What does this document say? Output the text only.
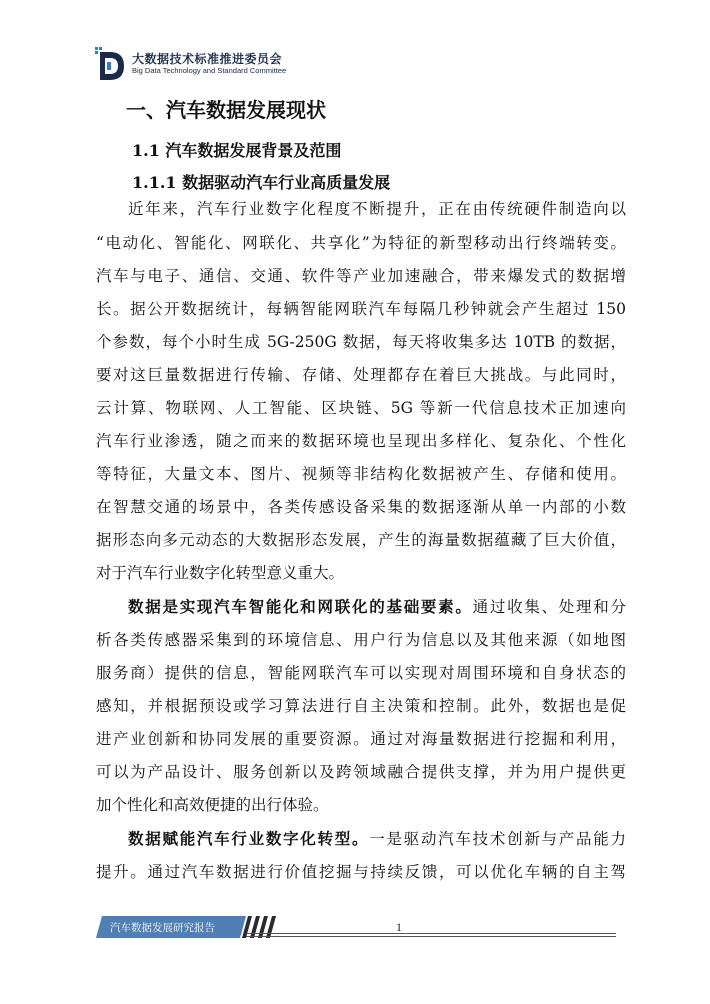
大数据技术标准推进委员会
Big Data Technology and Standard Committee
一、汽车数据发展现状
1.1 汽车数据发展背景及范围
1.1.1 数据驱动汽车行业高质量发展
近年来，汽车行业数字化程度不断提升，正在由传统硬件制造向以
“电动化、智能化、网联化、共享化”为特征的新型移动出行终端转变。
汽车与电子、通信、交通、软件等产业加速融合，带来爆发式的数据增
长。据公开数据统计，每辆智能网联汽车每隔几秒钟就会产生超过 150
个参数，每个小时生成 5G-250G 数据，每天将收集多达 10TB 的数据，
要对这巨量数据进行传输、存储、处理都存在着巨大挑战。与此同时，
云计算、物联网、人工智能、区块链、5G 等新一代信息技术正加速向
汽车行业渗透，随之而来的数据环境也呈现出多样化、复杂化、个性化
等特征，大量文本、图片、视频等非结构化数据被产生、存储和使用。
在智慧交通的场景中，各类传感设备采集的数据逐渐从单一内部的小数
据形态向多元动态的大数据形态发展，产生的海量数据蕴藏了巨大价值，
对于汽车行业数字化转型意义重大。
数据是实现汽车智能化和网联化的基础要素。通过收集、处理和分
析各类传感器采集到的环境信息、用户行为信息以及其他来源（如地图
服务商）提供的信息，智能网联汽车可以实现对周围环境和自身状态的
感知，并根据预设或学习算法进行自主决策和控制。此外，数据也是促
进产业创新和协同发展的重要资源。通过对海量数据进行挖掘和利用，
可以为产品设计、服务创新以及跨领域融合提供支撑，并为用户提供更
加个性化和高效便捷的出行体验。
数据赋能汽车行业数字化转型。一是驱动汽车技术创新与产品能力
提升。通过汽车数据进行价值挖掘与持续反馈，可以优化车辆的自主驾
汽车数据发展研究报告	1
